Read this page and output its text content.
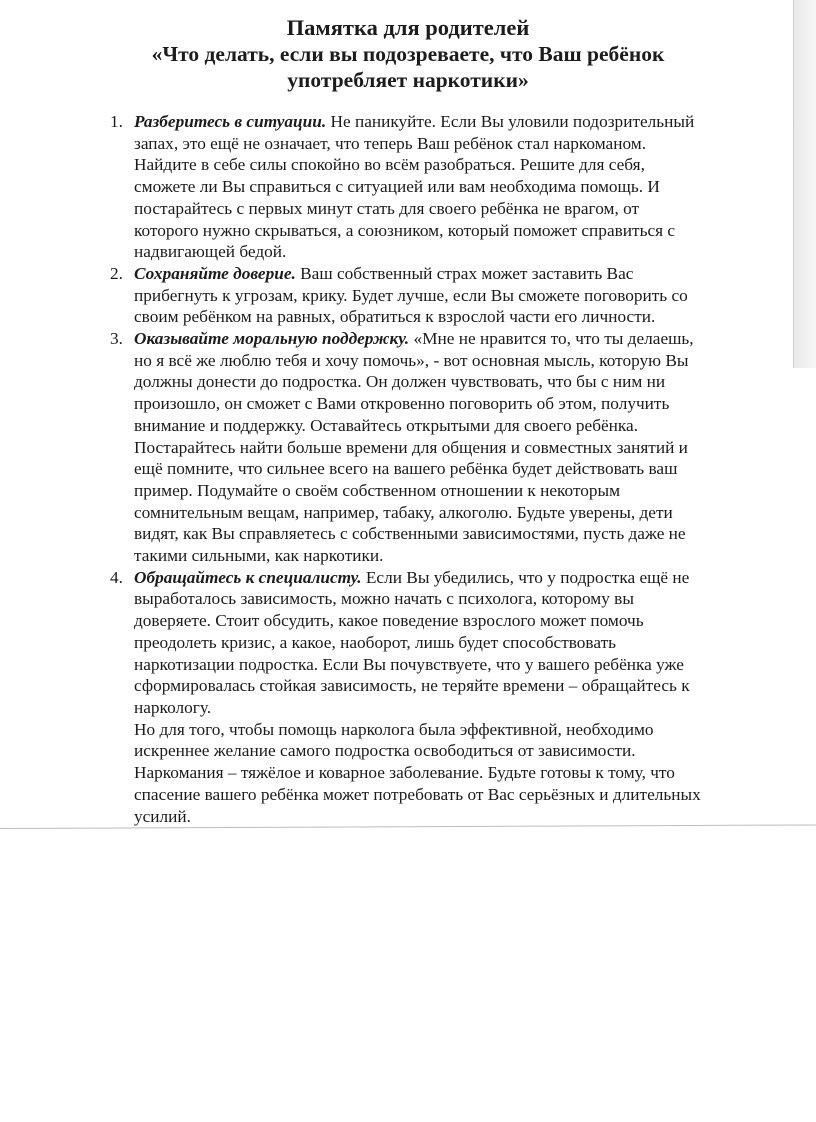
Памятка для родителей
«Что делать, если вы подозреваете, что Ваш ребёнок
употребляет наркотики»
1. Разберитесь в ситуации. Не паникуйте. Если Вы уловили подозрительный запах, это ещё не означает, что теперь Ваш ребёнок стал наркоманом. Найдите в себе силы спокойно во всём разобраться. Решите для себя, сможете ли Вы справиться с ситуацией или вам необходима помощь. И постарайтесь с первых минут стать для своего ребёнка не врагом, от которого нужно скрываться, а союзником, который поможет справиться с надвигающей бедой.
2. Сохраняйте доверие. Ваш собственный страх может заставить Вас прибегнуть к угрозам, крику. Будет лучше, если Вы сможете поговорить со своим ребёнком на равных, обратиться к взрослой части его личности.
3. Оказывайте моральную поддержку. «Мне не нравится то, что ты делаешь, но я всё же люблю тебя и хочу помочь», - вот основная мысль, которую Вы должны донести до подростка. Он должен чувствовать, что бы с ним ни произошло, он сможет с Вами откровенно поговорить об этом, получить внимание и поддержку. Оставайтесь открытыми для своего ребёнка. Постарайтесь найти больше времени для общения и совместных занятий и ещё помните, что сильнее всего на вашего ребёнка будет действовать ваш пример. Подумайте о своём собственном отношении к некоторым сомнительным вещам, например, табаку, алкоголю. Будьте уверены, дети видят, как Вы справляетесь с собственными зависимостями, пусть даже не такими сильными, как наркотики.
4. Обращайтесь к специалисту. Если Вы убедились, что у подростка ещё не выработалось зависимость, можно начать с психолога, которому вы доверяете. Стоит обсудить, какое поведение взрослого может помочь преодолеть кризис, а какое, наоборот, лишь будет способствовать наркотизации подростка. Если Вы почувствуете, что у вашего ребёнка уже сформировалась стойкая зависимость, не теряйте времени – обращайтесь к наркологу.
Но для того, чтобы помощь нарколога была эффективной, необходимо искреннее желание самого подростка освободиться от зависимости. Наркомания – тяжёлое и коварное заболевание. Будьте готовы к тому, что спасение вашего ребёнка может потребовать от Вас серьёзных и длительных усилий.
